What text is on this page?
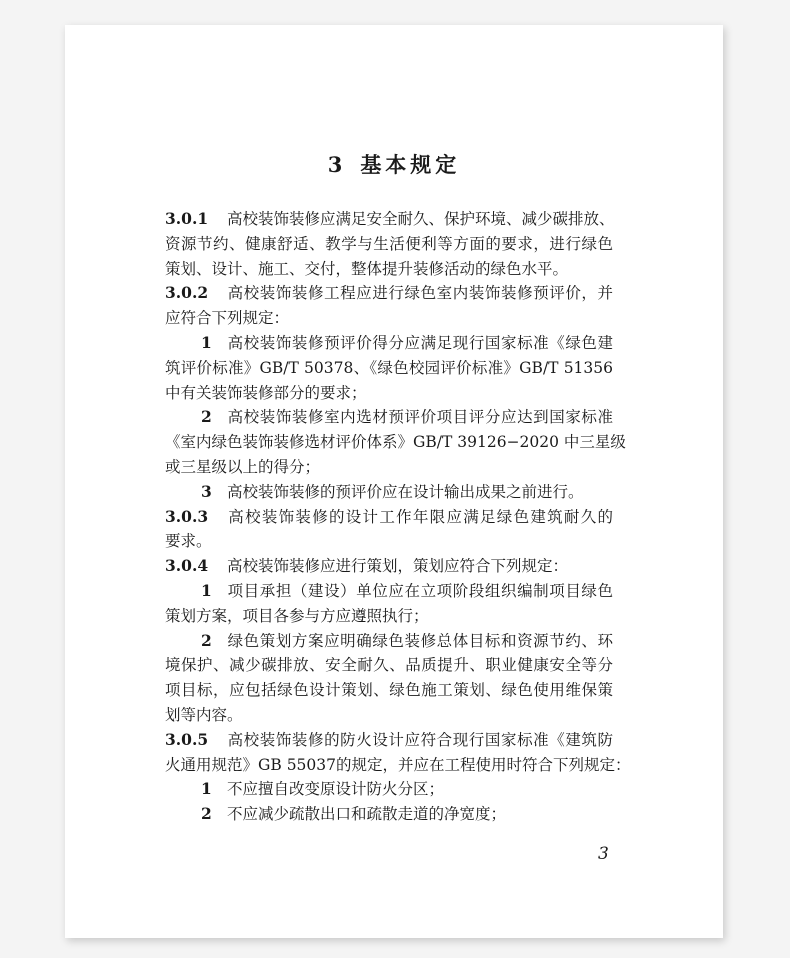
3 基本规定
3.0.1 高校装饰装修应满足安全耐久、保护环境、减少碳排放、
资源节约、健康舒适、教学与生活便利等方面的要求，进行绿色
策划、设计、施工、交付，整体提升装修活动的绿色水平。
3.0.2 高校装饰装修工程应进行绿色室内装饰装修预评价，并
应符合下列规定：
1 高校装饰装修预评价得分应满足现行国家标准《绿色建
筑评价标准》GB/T 50378、《绿色校园评价标准》GB/T 51356
中有关装饰装修部分的要求；
2 高校装饰装修室内选材预评价项目评分应达到国家标准
《室内绿色装饰装修选材评价体系》GB/T 39126−2020 中三星级
或三星级以上的得分；
3 高校装饰装修的预评价应在设计输出成果之前进行。
3.0.3 高校装饰装修的设计工作年限应满足绿色建筑耐久的
要求。
3.0.4 高校装饰装修应进行策划，策划应符合下列规定：
1 项目承担（建设）单位应在立项阶段组织编制项目绿色
策划方案，项目各参与方应遵照执行；
2 绿色策划方案应明确绿色装修总体目标和资源节约、环
境保护、减少碳排放、安全耐久、品质提升、职业健康安全等分
项目标，应包括绿色设计策划、绿色施工策划、绿色使用维保策
划等内容。
3.0.5 高校装饰装修的防火设计应符合现行国家标准《建筑防
火通用规范》GB 55037的规定，并应在工程使用时符合下列规定：
1 不应擅自改变原设计防火分区；
2 不应减少疏散出口和疏散走道的净宽度；
3
